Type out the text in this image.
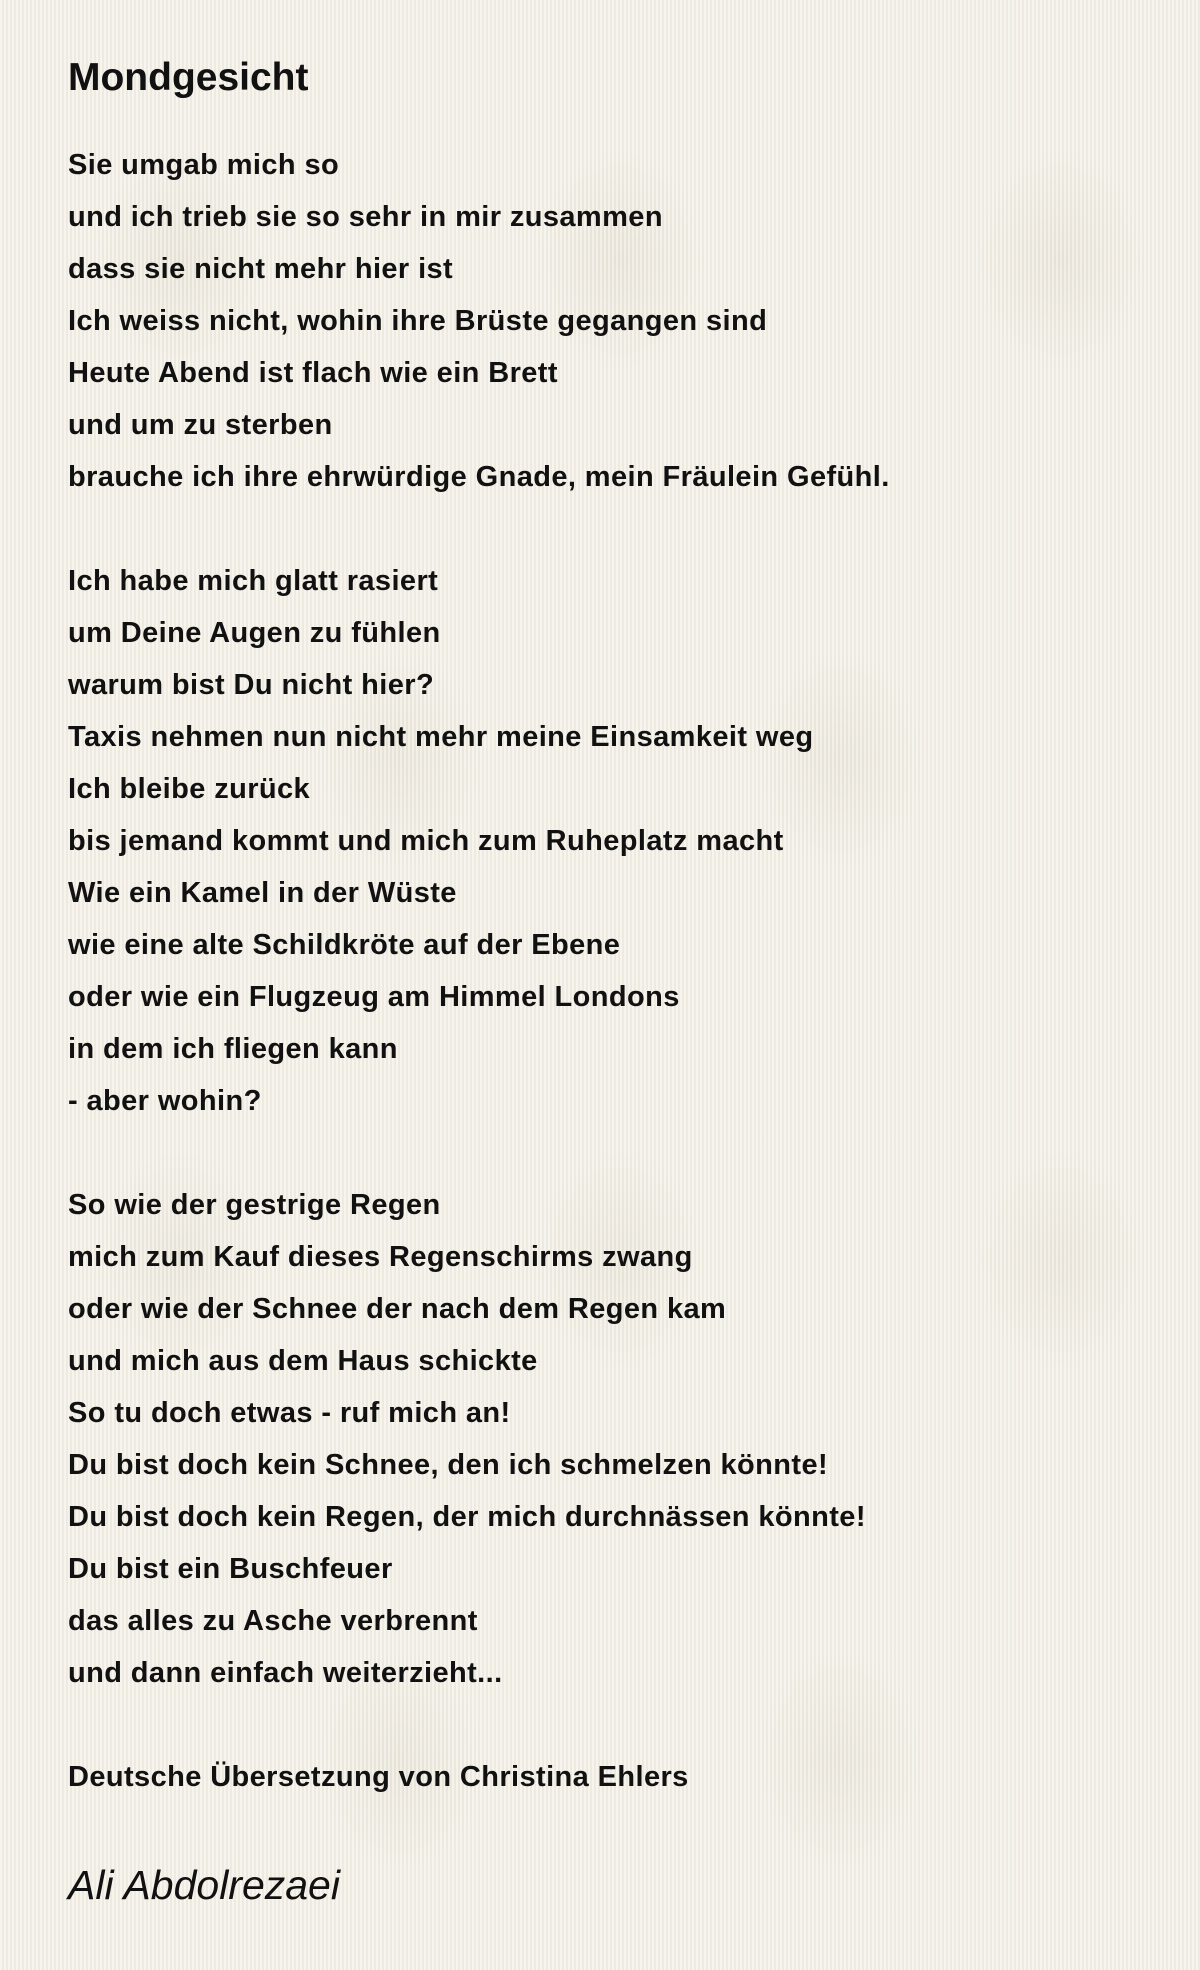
Mondgesicht
Sie umgab mich so
und ich trieb sie so sehr in mir zusammen
dass sie nicht mehr hier ist
Ich weiss nicht, wohin ihre Brüste gegangen sind
Heute Abend ist flach wie ein Brett
und um zu sterben
brauche ich ihre ehrwürdige Gnade, mein Fräulein Gefühl.
Ich habe mich glatt rasiert
um Deine Augen zu fühlen
warum bist Du nicht hier?
Taxis nehmen nun nicht mehr meine Einsamkeit weg
Ich bleibe zurück
bis jemand kommt und mich zum Ruheplatz macht
Wie ein Kamel in der Wüste
wie eine alte Schildkröte auf der Ebene
oder wie ein Flugzeug am Himmel Londons
in dem ich fliegen kann
- aber wohin?
So wie der gestrige Regen
mich zum Kauf dieses Regenschirms zwang
oder wie der Schnee der nach dem Regen kam
und mich aus dem Haus schickte
So tu doch etwas - ruf mich an!
Du bist doch kein Schnee, den ich schmelzen könnte!
Du bist doch kein Regen, der mich durchnässen könnte!
Du bist ein Buschfeuer
das alles zu Asche verbrennt
und dann einfach weiterzieht...
Deutsche Übersetzung von Christina Ehlers
Ali Abdolrezaei
